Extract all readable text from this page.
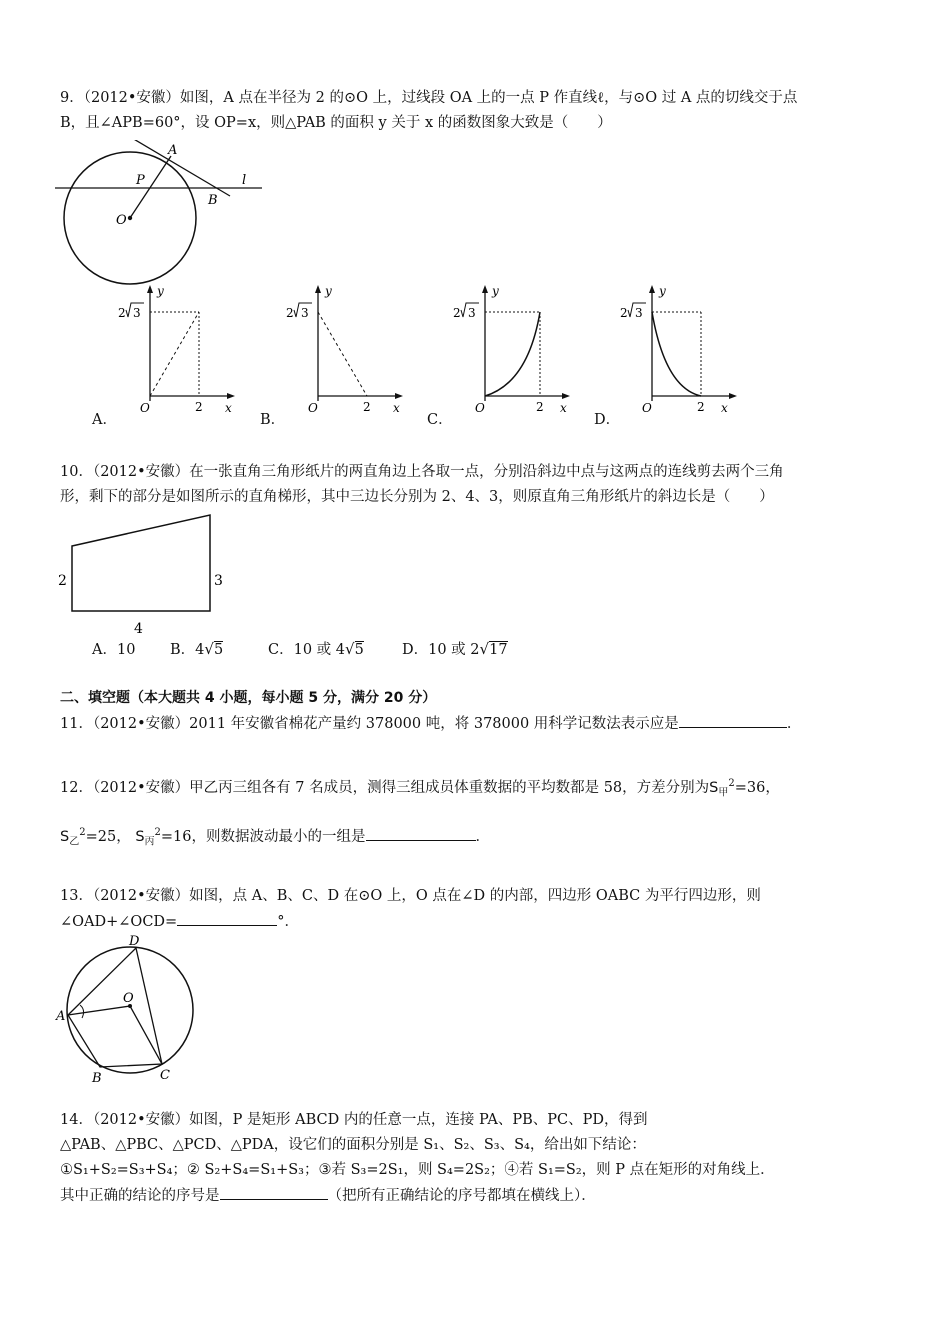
9．（2012•安徽）如图，A 点在半径为 2 的⊙O 上，过线段 OA 上的一点 P 作直线ℓ，与⊙O 过 A 点的切线交于点
B，且∠APB=60°，设 OP=x，则△PAB 的面积 y 关于 x 的函数图象大致是（　　）
A
P
B
O
l
y
x
O	2
2 3
y
x
O	2
2 3
y
x
O	2
2 3
y
x
O	2
2 3
A．	B．	C．	D．
10．（2012•安徽）在一张直角三角形纸片的两直角边上各取一点，分别沿斜边中点与这两点的连线剪去两个三角
形，剩下的部分是如图所示的直角梯形，其中三边长分别为 2、4、3，则原直角三角形纸片的斜边长是（　　）
2	3
4
A．10 B．4√5	C．10 或 4√5	D．10 或 2√17
二、填空题（本大题共 4 小题，每小题 5 分，满分 20 分）
11．（2012•安徽）2011 年安徽省棉花产量约 378000 吨，将 378000 用科学记数法表示应是	．
12．（2012•安徽）甲乙丙三组各有 7 名成员，测得三组成员体重数据的平均数都是 58，方差分别为$S_甲^2=36$，
$S_乙^2=25$， $S_丙^2=16$，则数据波动最小的一组是	．
13．（2012•安徽）如图，点 A、B、C、D 在⊙O 上，O 点在∠D 的内部，四边形 OABC 为平行四边形，则
∠OAD+∠OCD=	°．
A
B	C
D
O
14．（2012•安徽）如图，P 是矩形 ABCD 内的任意一点，连接 PA、PB、PC、PD，得到
△PAB、△PBC、△PCD、△PDA，设它们的面积分别是 S₁、S₂、S₃、S₄，给出如下结论：
①S₁+S₂=S₃+S₄；② S₂+S₄=S₁+S₃；③若 S₃=2S₁，则 S₄=2S₂；④若 S₁=S₂，则 P 点在矩形的对角线上．
其中正确的结论的序号是	（把所有正确结论的序号都填在横线上）．
